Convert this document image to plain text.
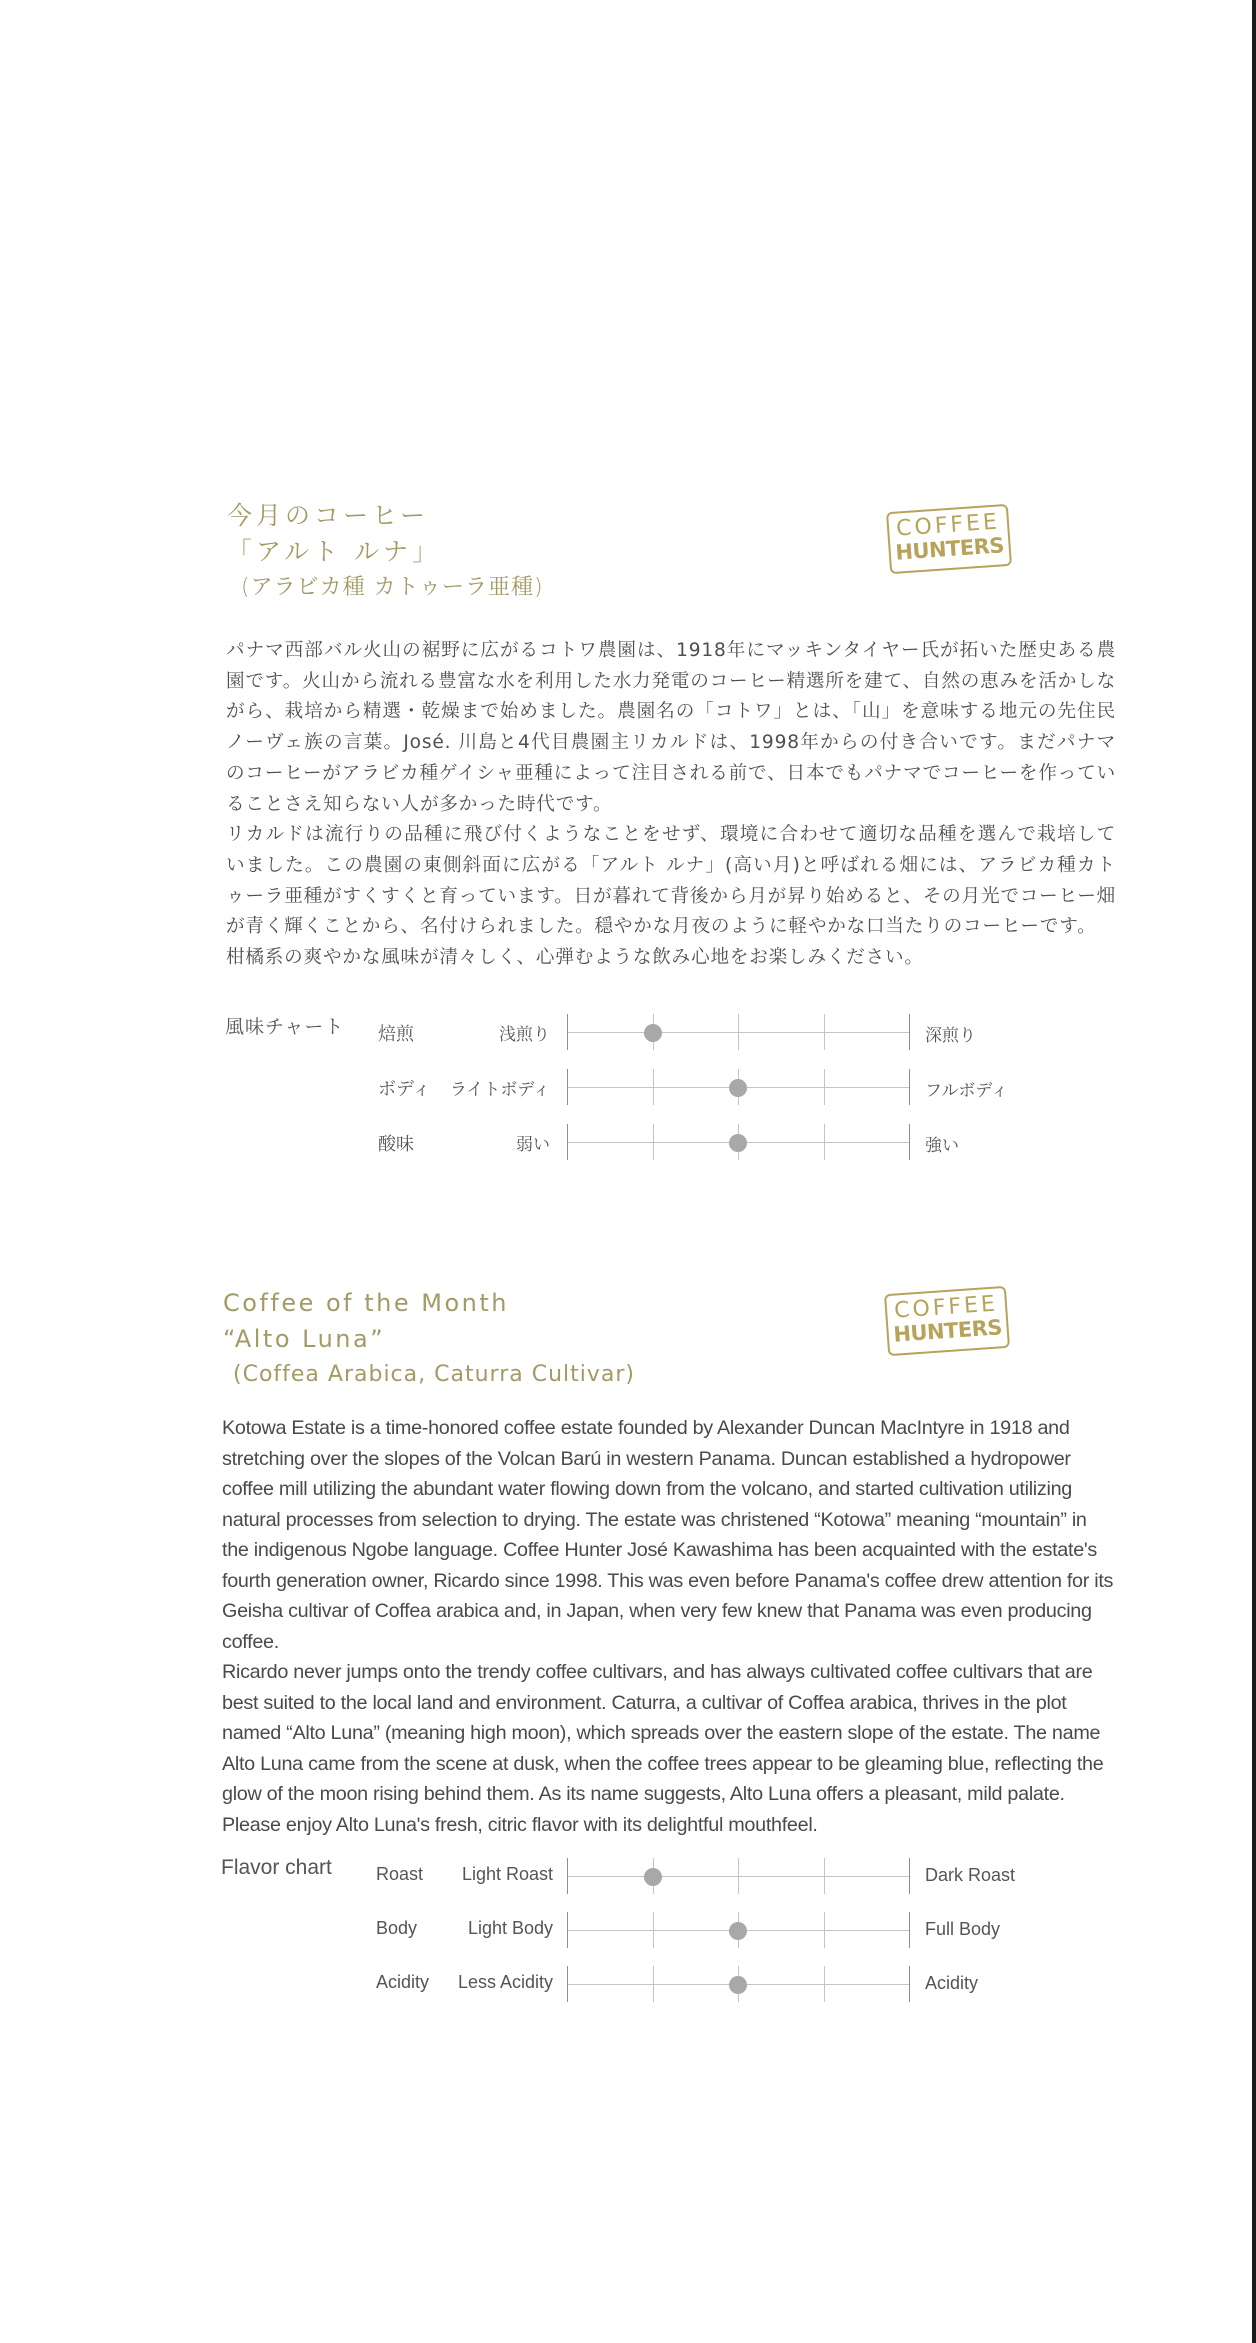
今月のコーヒー
「アルト ルナ」
(アラビカ種 カトゥーラ亜種)
COFFEE
HUNTERS

パナマ西部バル火山の裾野に広がるコトワ農園は、1918年にマッキンタイヤー氏が拓いた歴史ある農園です。火山から流れる豊富な水を利用した水力発電のコーヒー精選所を建て、自然の恵みを活かしながら、栽培から精選・乾燥まで始めました。農園名の「コトワ」とは、「山」を意味する地元の先住民ノーヴェ族の言葉。José. 川島と4代目農園主リカルドは、1998年からの付き合いです。まだパナマのコーヒーがアラビカ種ゲイシャ亜種によって注目される前で、日本でもパナマでコーヒーを作っていることさえ知らない人が多かった時代です。

リカルドは流行りの品種に飛び付くようなことをせず、環境に合わせて適切な品種を選んで栽培していました。この農園の東側斜面に広がる「アルト ルナ」(高い月)と呼ばれる畑には、アラビカ種カトゥーラ亜種がすくすくと育っています。日が暮れて背後から月が昇り始めると、その月光でコーヒー畑が青く輝くことから、名付けられました。穏やかな月夜のように軽やかな口当たりのコーヒーです。

柑橘系の爽やかな風味が清々しく、心弾むような飲み心地をお楽しみください。

風味チャート 焙煎	浅煎り	深煎り
ボディ	ライトボディ	フルボディ
酸味	弱い	強い
Coffee of the Month
“Alto Luna”
(Coffea Arabica, Caturra Cultivar)
COFFEE
HUNTERS

Kotowa Estate is a time-honored coffee estate founded by Alexander Duncan MacIntyre in 1918 and stretching over the slopes of the Volcan Barú in western Panama. Duncan established a hydropower coffee mill utilizing the abundant water flowing down from the volcano, and started cultivation utilizing natural processes from selection to drying. The estate was christened “Kotowa” meaning “mountain” in the indigenous Ngobe language. Coffee Hunter José Kawashima has been acquainted with the estate's fourth generation owner, Ricardo since 1998. This was even before Panama's coffee drew attention for its Geisha cultivar of Coffea arabica and, in Japan, when very few knew that Panama was even producing coffee.

Ricardo never jumps onto the trendy coffee cultivars, and has always cultivated coffee cultivars that are best suited to the local land and environment. Caturra, a cultivar of Coffea arabica, thrives in the plot named “Alto Luna” (meaning high moon), which spreads over the eastern slope of the estate. The name Alto Luna came from the scene at dusk, when the coffee trees appear to be gleaming blue, reflecting the glow of the moon rising behind them. As its name suggests, Alto Luna offers a pleasant, mild palate. Please enjoy Alto Luna's fresh, citric flavor with its delightful mouthfeel.

Flavor chart Roast	Light Roast	Dark Roast
Body	Light Body	Full Body
Acidity	Less Acidity	Acidity
